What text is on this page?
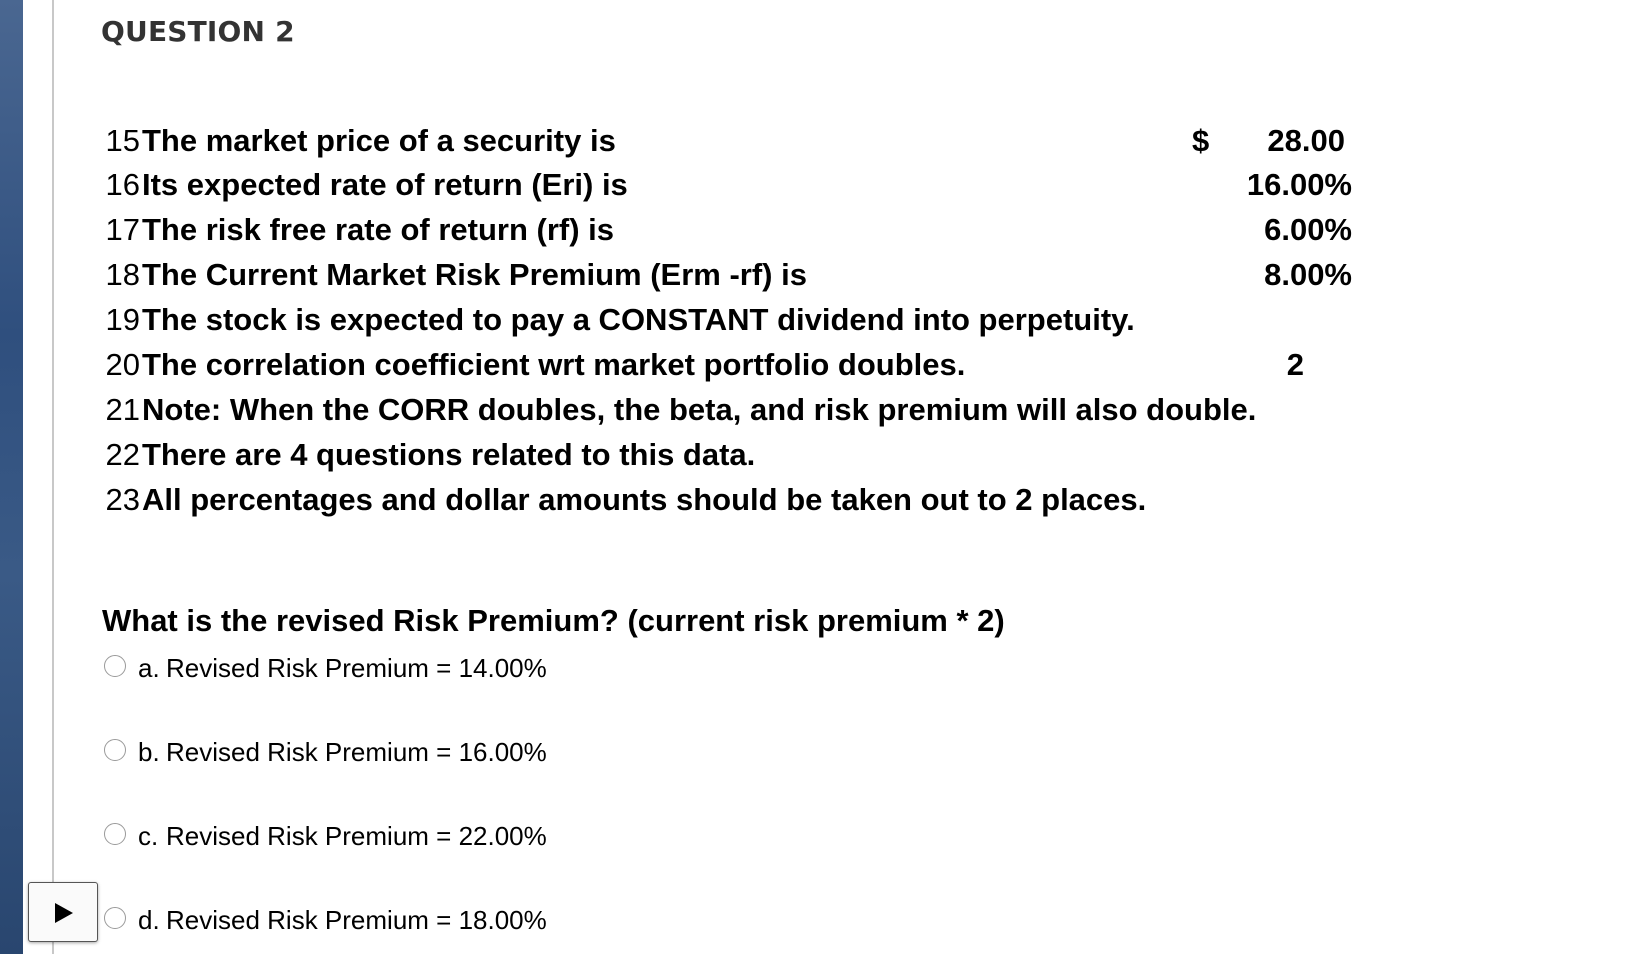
QUESTION 2
15 The market price of a security is	$ 28.00
16 Its expected rate of return (Eri) is	16.00%
17 The risk free rate of return (rf) is	6.00%
18 The Current Market Risk Premium (Erm -rf) is	8.00%
19 The stock is expected to pay a CONSTANT dividend into perpetuity.
20 The correlation coefficient wrt market portfolio doubles.	2
21 Note: When the CORR doubles, the beta, and risk premium will also double.
22 There are 4 questions related to this data.
23 All percentages and dollar amounts should be taken out to 2 places.
What is the revised Risk Premium? (current risk premium * 2)
a. Revised Risk Premium = 14.00%
b. Revised Risk Premium = 16.00%
c. Revised Risk Premium = 22.00%
d. Revised Risk Premium = 18.00%
